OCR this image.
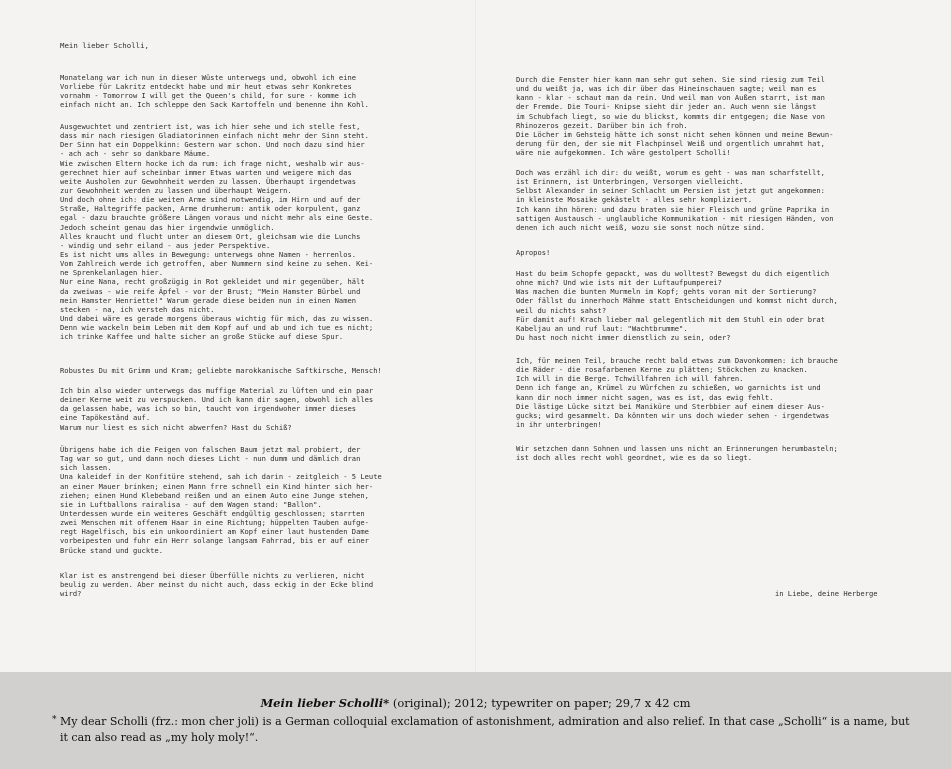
Mein lieber Scholli,
Monatelang war ich nun in dieser Wüste unterwegs und, obwohl ich eine
Vorliebe für Lakritz entdeckt habe und mir heut etwas sehr Konkretes
vornahm - Tomorrow I will get the Queen's child, for sure - komme ich
einfach nicht an. Ich schleppe den Sack Kartoffeln und benenne ihn Kohl.
Ausgewuchtet und zentriert ist, was ich hier sehe und ich stelle fest,
dass mir nach riesigen Gladiatorinnen einfach nicht mehr der Sinn steht.
Der Sinn hat ein Doppelkinn: Gestern war schon. Und noch dazu sind hier
- ach ach - sehr so dankbare Mäume.
Wie zwischen Eltern hocke ich da rum: ich frage nicht, weshalb wir aus-
gerechnet hier auf scheinbar immer Etwas warten und weigere mich das
weite Ausholen zur Gewohnheit werden zu lassen. Überhaupt irgendetwas
zur Gewohnheit werden zu lassen und überhaupt Weigern.
Und doch ohne ich: die weiten Arme sind notwendig, im Hirn und auf der
Straße, Haltegriffe packen, Arme drumherum: antik oder korpulent, ganz
egal - dazu brauchte größere Längen voraus und nicht mehr als eine Geste.
Jedoch scheint genau das hier irgendwie unmöglich.
Alles kraucht und flucht unter an diesem Ort, gleichsam wie die Lunchs
- windig und sehr eiland - aus jeder Perspektive.
Es ist nicht ums alles in Bewegung: unterwegs ohne Namen - herrenlos.
Vom Zahlreich werde ich getroffen, aber Nummern sind keine zu sehen. Kei-
ne Sprenkelanlagen hier.
Nur eine Nana, recht großzügig in Rot gekleidet und mir gegenüber, hält
da zweiwas - wie reife Äpfel - vor der Brust; "Mein Hamster Bürbel und
mein Hamster Henriette!" Warum gerade diese beiden nun in einen Namen
stecken - na, ich versteh das nicht.
Und dabei wäre es gerade morgens überaus wichtig für mich, das zu wissen.
Denn wie wackeln beim Leben mit dem Kopf auf und ab und ich tue es nicht;
ich trinke Kaffee und halte sicher an große Stücke auf diese Spur.
Robustes Du mit Grimm und Kram; geliebte marokkanische Saftkirsche, Mensch!
Ich bin also wieder unterwegs das muffige Material zu lüften und ein paar
deiner Kerne weit zu verspucken. Und ich kann dir sagen, obwohl ich alles
da gelassen habe, was ich so bin, taucht von irgendwoher immer dieses
eine Tapökeständ auf.
Warum nur liest es sich nicht abwerfen? Hast du Schiß?
Übrigens habe ich die Feigen von falschen Baum jetzt mal probiert, der
Tag war so gut, und dann noch dieses Licht - nun dumm und dämlich dran
sich lassen.
Una kaleidef in der Konfitüre stehend, sah ich darin - zeitgleich - 5 Leute
an einer Mauer brinken; einen Mann frre schnell ein Kind hinter sich her-
ziehen; einen Hund Klebeband reißen und an einem Auto eine Junge stehen,
sie in Luftballons rairalisa - auf dem Wagen stand: "Ballon".
Unterdessen wurde ein weiteres Geschäft endgültig geschlossen; starrten
zwei Menschen mit offenem Haar in eine Richtung; hüppelten Tauben aufge-
regt Hagelfisch, bis ein unkoordiniert am Kopf einer laut hustenden Dame
vorbeipesten und fuhr ein Herr solange langsam Fahrrad, bis er auf einer
Brücke stand und guckte.
Klar ist es anstrengend bei dieser Überfülle nichts zu verlieren, nicht
beulig zu werden. Aber meinst du nicht auch, dass eckig in der Ecke blind
wird?
Durch die Fenster hier kann man sehr gut sehen. Sie sind riesig zum Teil
und du weißt ja, was ich dir über das Hineinschauen sagte; weil man es
kann - klar - schaut man da rein. Und weil man von Außen starrt, ist man
der Fremde. Die Touri- Knipse sieht dir jeder an. Auch wenn sie längst
im Schubfach liegt, so wie du blickst, kommts dir entgegen; die Nase von
Rhinozeros gezeit. Darüber bin ich froh.
Die Löcher im Gehsteig hätte ich sonst nicht sehen können und meine Bewun-
derung für den, der sie mit Flachpinsel Weiß und orgentlich umrahmt hat,
wäre nie aufgekommen. Ich wäre gestolpert Scholli!
Doch was erzähl ich dir: du weißt, worum es geht - was man scharfstellt,
ist Erinnern, ist Unterbringen, Versorgen vielleicht.
Selbst Alexander in seiner Schlacht um Persien ist jetzt gut angekommen:
in kleinste Mosaike gekästelt - alles sehr kompliziert.
Ich kann ihn hören: und dazu braten sie hier Fleisch und grüne Paprika in
sattigen Austausch - unglaubliche Kommunikation - mit riesigen Händen, von
denen ich auch nicht weiß, wozu sie sonst noch nütze sind.
Apropos!
Hast du beim Schopfe gepackt, was du wolltest? Bewegst du dich eigentlich
ohne mich? Und wie ists mit der Luftaufpumperei?
Was machen die bunten Murmeln im Kopf; gehts voran mit der Sortierung?
Oder fällst du innerhoch Mähme statt Entscheidungen und kommst nicht durch,
weil du nichts sahst?
Für damit auf! Krach lieber mal gelegentlich mit dem Stuhl ein oder brat
Kabeljau an und ruf laut: "Wachtbrumme".
Du hast noch nicht immer dienstlich zu sein, oder?
Ich, für meinen Teil, brauche recht bald etwas zum Davonkommen: ich brauche
die Räder - die rosafarbenen Kerne zu plätten; Stöckchen zu knacken.
Ich will in die Berge. Tchwillfahren ich will fahren.
Denn ich fange an, Krümel zu Würfchen zu schießen, wo garnichts ist und
kann dir noch immer nicht sagen, was es ist, das ewig fehlt.
Die lästige Lücke sitzt bei Maniküre und Sterbbier auf einem dieser Aus-
gucks; wird gesammelt. Da könnten wir uns doch wieder sehen - irgendetwas
in ihr unterbringen!
Wir setzchen dann Sohnen und lassen uns nicht an Erinnerungen herumbasteln;
ist doch alles recht wohl geordnet, wie es da so liegt.
in Liebe, deine Herberge
Mein lieber Scholli* (original); 2012; typewriter on paper; 29,7 x 42 cm
* My dear Scholli (frz.: mon cher joli) is a German colloquial exclamation of astonishment, admiration and also relief. In that case „Scholli“ is a name, but it can also read as „my holy moly!“.
